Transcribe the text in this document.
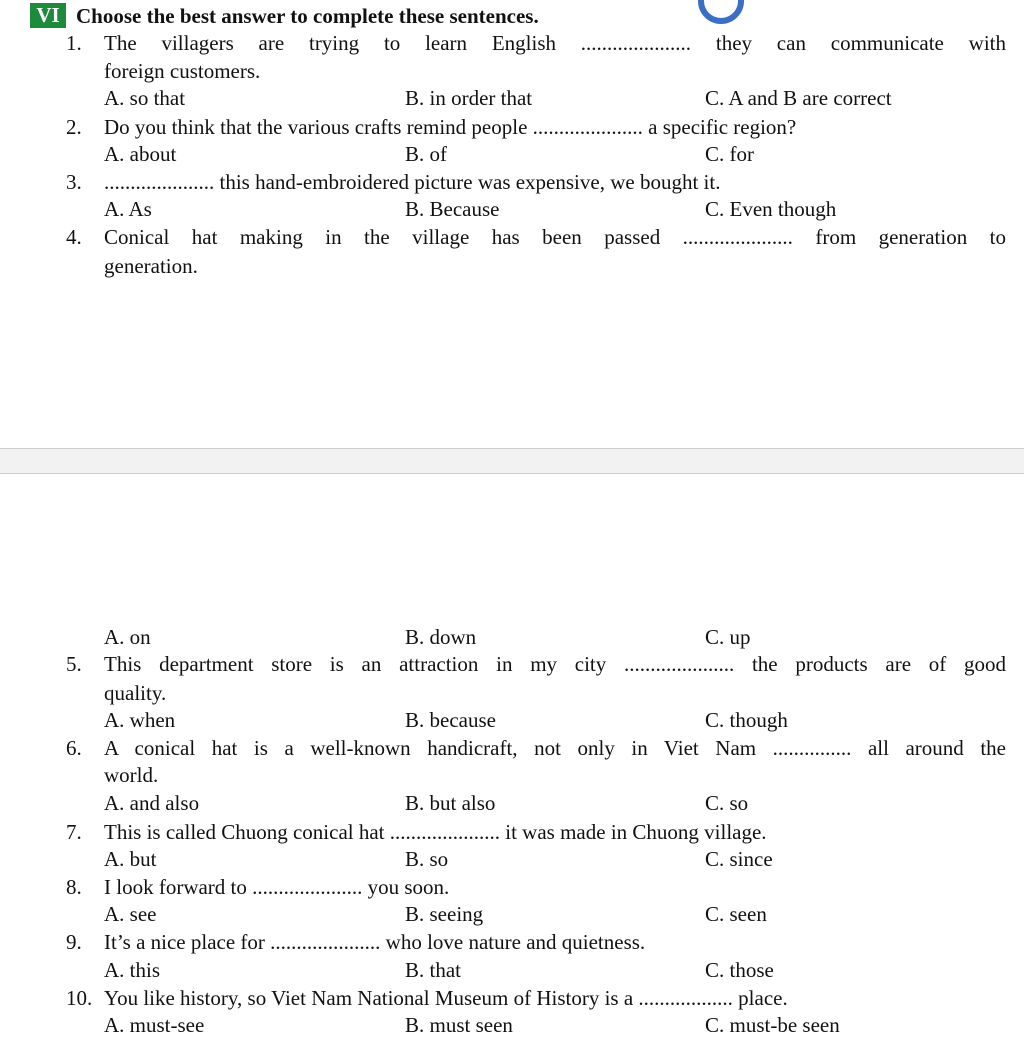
VI Choose the best answer to complete these sentences.
1. The villagers are trying to learn English ..................... they can communicate with
foreign customers.
A. so that	B. in order that	C. A and B are correct
2. Do you think that the various crafts remind people ..................... a specific region?
A. about	B. of	C. for
3. ..................... this hand-embroidered picture was expensive, we bought it.
A. As	B. Because	C. Even though
4. Conical hat making in the village has been passed ..................... from generation to
generation.
A. on	B. down	C. up
5. This department store is an attraction in my city ..................... the products are of good
quality.
A. when	B. because	C. though
6. A conical hat is a well-known handicraft, not only in Viet Nam ............... all around the
world.
A. and also	B. but also	C. so
7. This is called Chuong conical hat ..................... it was made in Chuong village.
A. but	B. so	C. since
8. I look forward to ..................... you soon.
A. see	B. seeing	C. seen
9. It’s a nice place for ..................... who love nature and quietness.
A. this	B. that	C. those
10. You like history, so Viet Nam National Museum of History is a .................. place.
A. must-see	B. must seen	C. must-be seen
